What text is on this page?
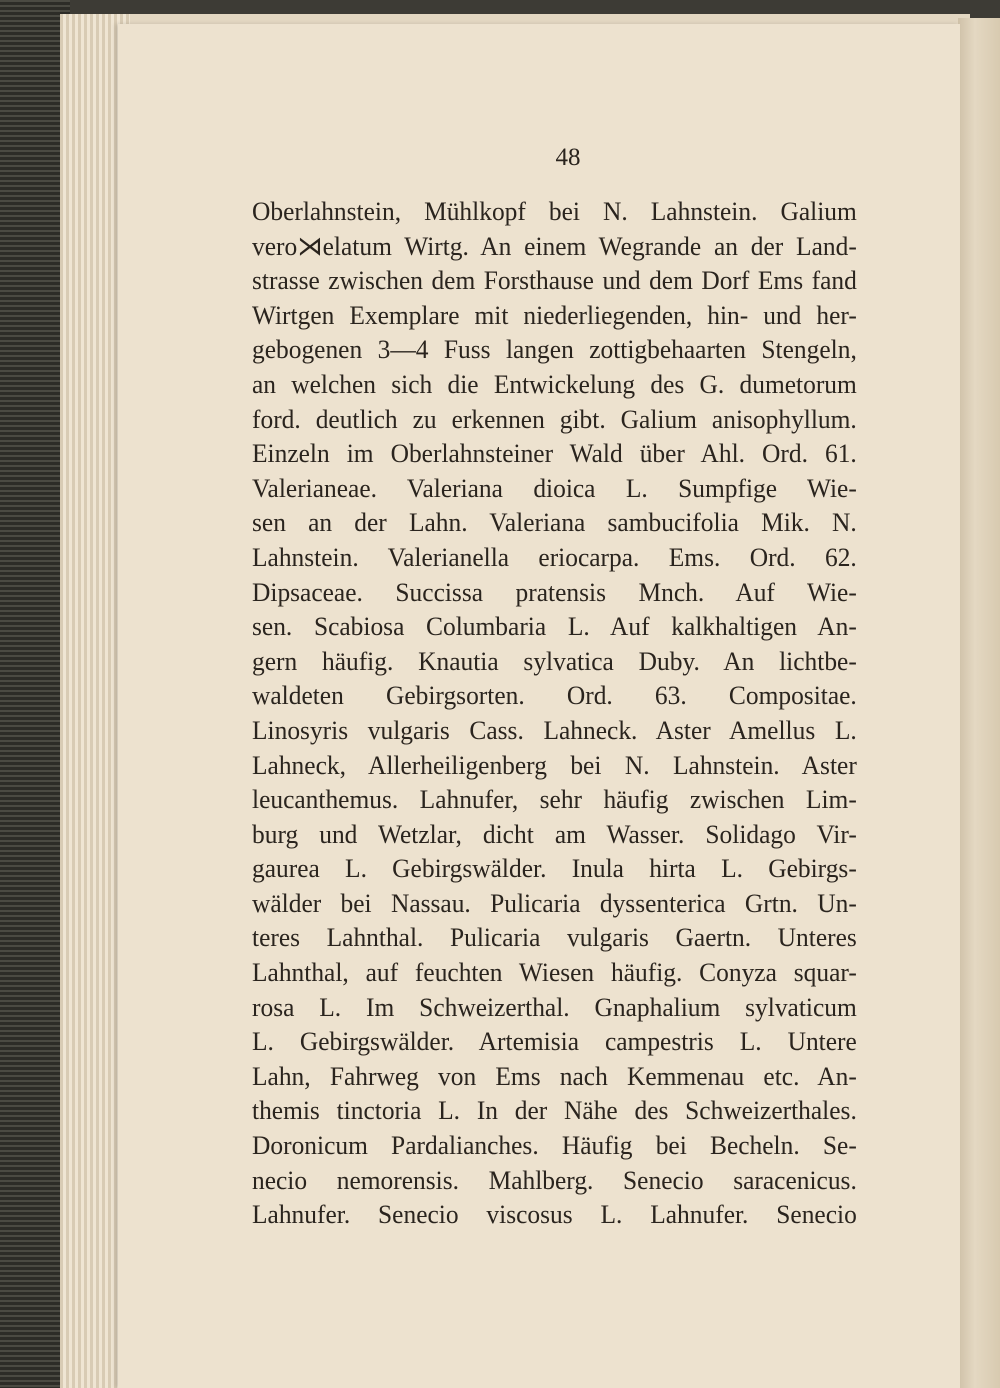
48
Oberlahnstein, Mühlkopf bei N. Lahnstein. Galium
vero⋊elatum Wirtg. An einem Wegrande an der Land-
strasse zwischen dem Forsthause und dem Dorf Ems fand
Wirtgen Exemplare mit niederliegenden, hin- und her-
gebogenen 3—4 Fuss langen zottigbehaarten Stengeln,
an welchen sich die Entwickelung des G. dumetorum
ford. deutlich zu erkennen gibt. Galium anisophyllum.
Einzeln im Oberlahnsteiner Wald über Ahl. Ord. 61.
Valerianeae. Valeriana dioica L. Sumpfige Wie-
sen an der Lahn. Valeriana sambucifolia Mik. N.
Lahnstein. Valerianella eriocarpa. Ems. Ord. 62.
Dipsaceae. Succissa pratensis Mnch. Auf Wie-
sen. Scabiosa Columbaria L. Auf kalkhaltigen An-
gern häufig. Knautia sylvatica Duby. An lichtbe-
waldeten Gebirgsorten. Ord. 63. Compositae.
Linosyris vulgaris Cass. Lahneck. Aster Amellus L.
Lahneck, Allerheiligenberg bei N. Lahnstein. Aster
leucanthemus. Lahnufer, sehr häufig zwischen Lim-
burg und Wetzlar, dicht am Wasser. Solidago Vir-
gaurea L. Gebirgswälder. Inula hirta L. Gebirgs-
wälder bei Nassau. Pulicaria dyssenterica Grtn. Un-
teres Lahnthal. Pulicaria vulgaris Gaertn. Unteres
Lahnthal, auf feuchten Wiesen häufig. Conyza squar-
rosa L. Im Schweizerthal. Gnaphalium sylvaticum
L. Gebirgswälder. Artemisia campestris L. Untere
Lahn, Fahrweg von Ems nach Kemmenau etc. An-
themis tinctoria L. In der Nähe des Schweizerthales.
Doronicum Pardalianches. Häufig bei Becheln. Se-
necio nemorensis. Mahlberg. Senecio saracenicus.
Lahnufer. Senecio viscosus L. Lahnufer. Senecio
